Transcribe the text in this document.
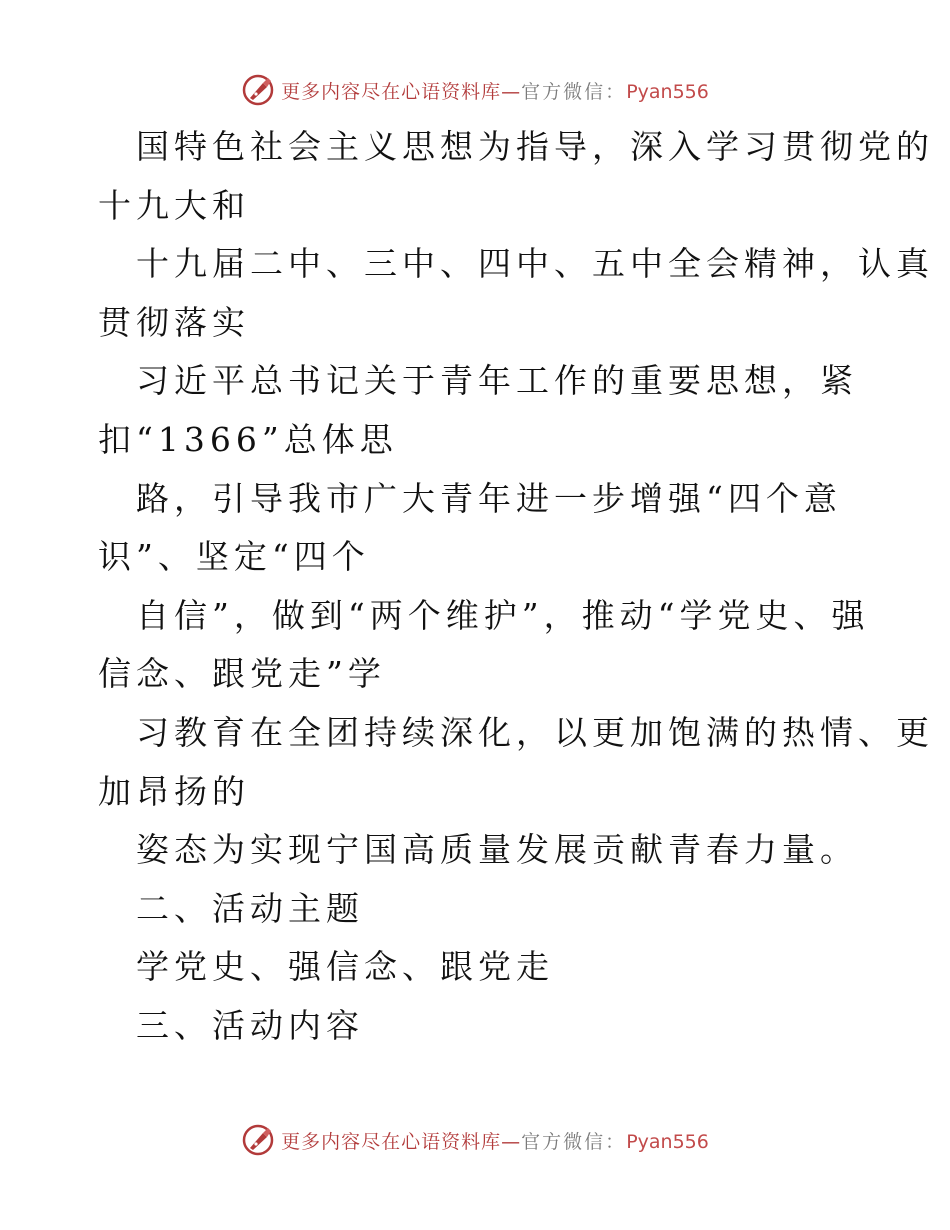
更多内容尽在心语资料库—官方微信：Pyan556
国特色社会主义思想为指导，深入学习贯彻党的
十九大和
十九届二中、三中、四中、五中全会精神，认真
贯彻落实
习近平总书记关于青年工作的重要思想，紧
扣“1366”总体思
路，引导我市广大青年进一步增强“四个意
识”、坚定“四个
自信”，做到“两个维护”，推动“学党史、强
信念、跟党走”学
习教育在全团持续深化，以更加饱满的热情、更
加昂扬的
姿态为实现宁国高质量发展贡献青春力量。
二、活动主题
学党史、强信念、跟党走
三、活动内容
更多内容尽在心语资料库—官方微信：Pyan556
